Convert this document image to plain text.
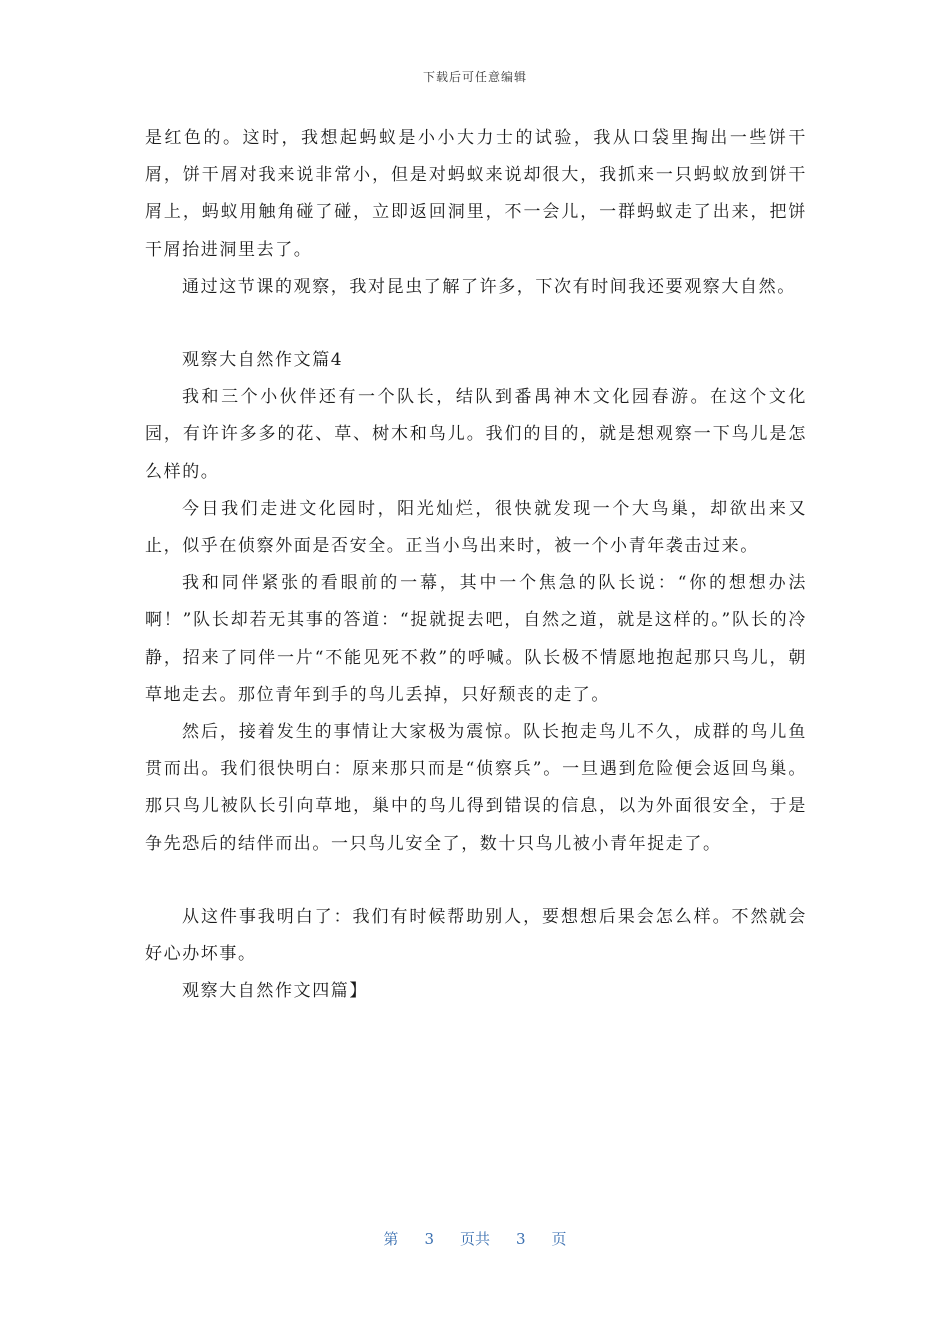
下载后可任意编辑

是红色的。这时，我想起蚂蚁是小小大力士的试验，我从口袋里掏出一些饼干屑，饼干屑对我来说非常小，但是对蚂蚁来说却很大，我抓来一只蚂蚁放到饼干屑上，蚂蚁用触角碰了碰，立即返回洞里，不一会儿，一群蚂蚁走了出来，把饼干屑抬进洞里去了。

通过这节课的观察，我对昆虫了解了许多，下次有时间我还要观察大自然。

观察大自然作文篇4

我和三个小伙伴还有一个队长，结队到番禺神木文化园春游。在这个文化园，有许许多多的花、草、树木和鸟儿。我们的目的，就是想观察一下鸟儿是怎么样的。

今日我们走进文化园时，阳光灿烂，很快就发现一个大鸟巢，却欲出来又止，似乎在侦察外面是否安全。正当小鸟出来时，被一个小青年袭击过来。

我和同伴紧张的看眼前的一幕，其中一个焦急的队长说：“你的想想办法啊！”队长却若无其事的答道：“捉就捉去吧，自然之道，就是这样的。”队长的冷静，招来了同伴一片“不能见死不救”的呼喊。队长极不情愿地抱起那只鸟儿，朝草地走去。那位青年到手的鸟儿丢掉，只好颓丧的走了。

然后，接着发生的事情让大家极为震惊。队长抱走鸟儿不久，成群的鸟儿鱼贯而出。我们很快明白：原来那只而是“侦察兵”。一旦遇到危险便会返回鸟巢。那只鸟儿被队长引向草地，巢中的鸟儿得到错误的信息，以为外面很安全，于是争先恐后的结伴而出。一只鸟儿安全了，数十只鸟儿被小青年捉走了。

从这件事我明白了：我们有时候帮助别人，要想想后果会怎么样。不然就会好心办坏事。

观察大自然作文四篇】

第 3 页共 3 页
